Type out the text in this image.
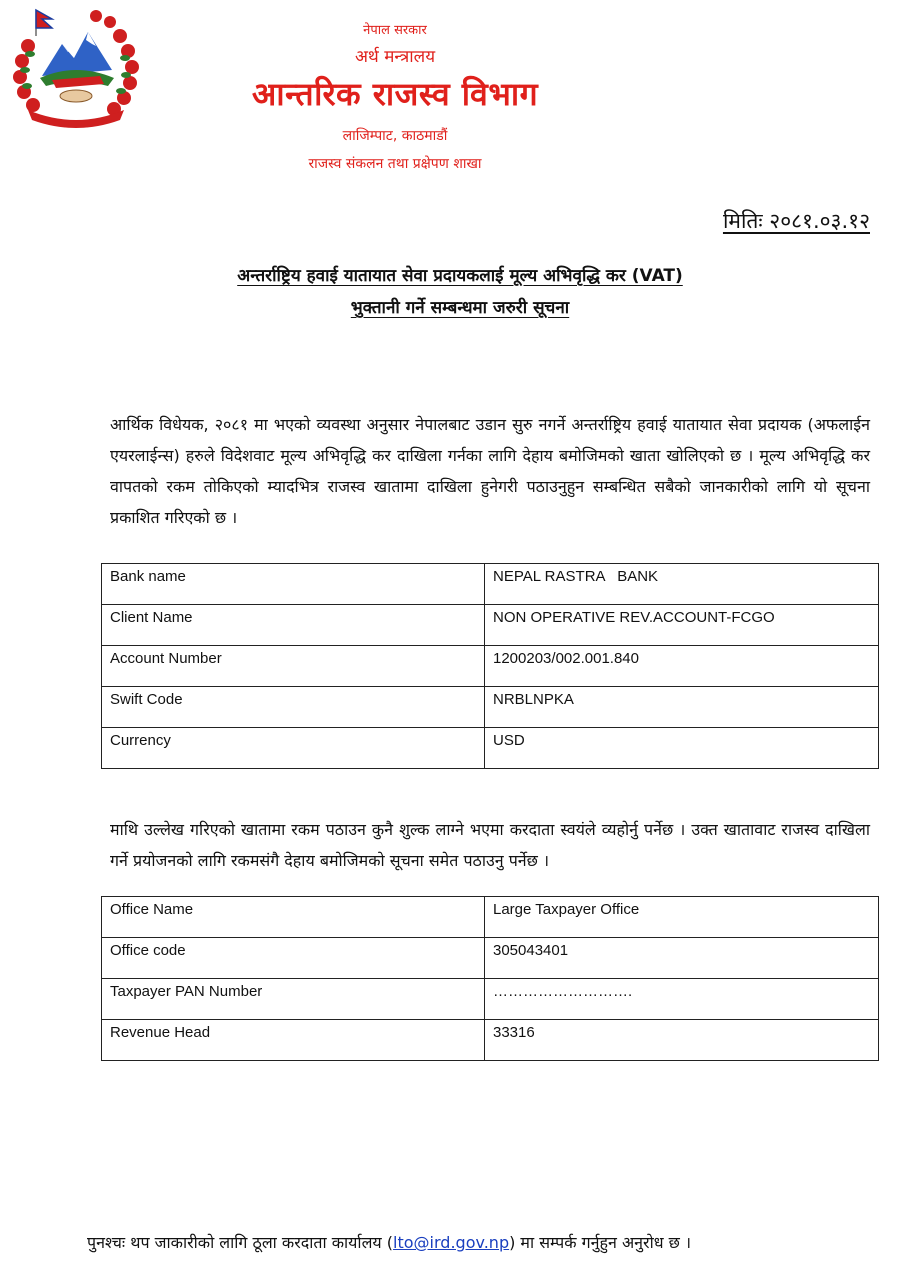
नेपाल सरकार
अर्थ मन्त्रालय
आन्तरिक राजस्व विभाग
लाजिम्पाट, काठमाडौं
राजस्व संकलन तथा प्रक्षेपण शाखा
मितिः २०८१.०३.१२
अन्तर्राष्ट्रिय हवाई यातायात सेवा प्रदायकलाई मूल्य अभिवृद्धि कर (VAT)
भुक्तानी गर्ने सम्बन्धमा जरुरी सूचना

आर्थिक विधेयक, २०८१ मा भएको व्यवस्था अनुसार नेपालबाट उडान सुरु नगर्ने अन्तर्राष्ट्रिय हवाई यातायात सेवा प्रदायक (अफलाईन एयरलाईन्स) हरुले विदेशवाट मूल्य अभिवृद्धि कर दाखिला गर्नका लागि देहाय बमोजिमको खाता खोलिएको छ । मूल्य अभिवृद्धि कर वापतको रकम तोकिएको म्यादभित्र राजस्व खातामा दाखिला हुनेगरी पठाउनुहुन सम्बन्धित सबैको जानकारीको लागि यो सूचना प्रकाशित गरिएको छ ।

Bank name	NEPAL RASTRA   BANK
Client Name	NON OPERATIVE REV.ACCOUNT-FCGO
Account Number	1200203/002.001.840
Swift Code	NRBLNPKA
Currency	USD

माथि उल्लेख गरिएको खातामा रकम पठाउन कुनै शुल्क लाग्ने भएमा करदाता स्वयंले व्यहोर्नु पर्नेछ । उक्त खातावाट राजस्व दाखिला गर्ने प्रयोजनको लागि रकमसंगै देहाय बमोजिमको सूचना समेत पठाउनु पर्नेछ ।

Office Name	Large Taxpayer Office
Office code	305043401
Taxpayer PAN Number	……………………….
Revenue Head	33316
पुनश्चः थप जाकारीको लागि ठूला करदाता कार्यालय (lto@ird.gov.np) मा सम्पर्क गर्नुहुन अनुरोध छ ।
